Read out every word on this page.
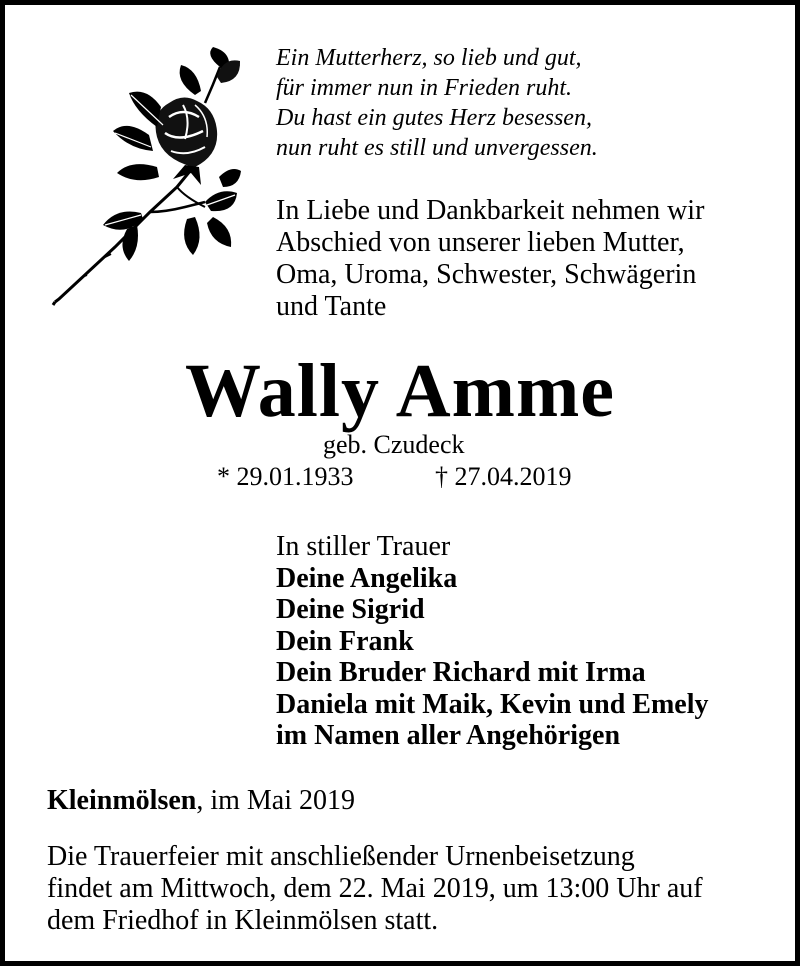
Ein Mutterherz, so lieb und gut,
für immer nun in Frieden ruht.
Du hast ein gutes Herz besessen,
nun ruht es still und unvergessen.
In Liebe und Dankbarkeit nehmen wir
Abschied von unserer lieben Mutter,
Oma, Uroma, Schwester, Schwägerin
und Tante
Wally Amme
geb. Czudeck
* 29.01.1933	† 27.04.2019
In stiller Trauer
Deine Angelika
Deine Sigrid
Dein Frank
Dein Bruder Richard mit Irma
Daniela mit Maik, Kevin und Emely
im Namen aller Angehörigen
Kleinmölsen, im Mai 2019
Die Trauerfeier mit anschließender Urnenbeisetzung
findet am Mittwoch, dem 22. Mai 2019, um 13:00 Uhr auf
dem Friedhof in Kleinmölsen statt.
